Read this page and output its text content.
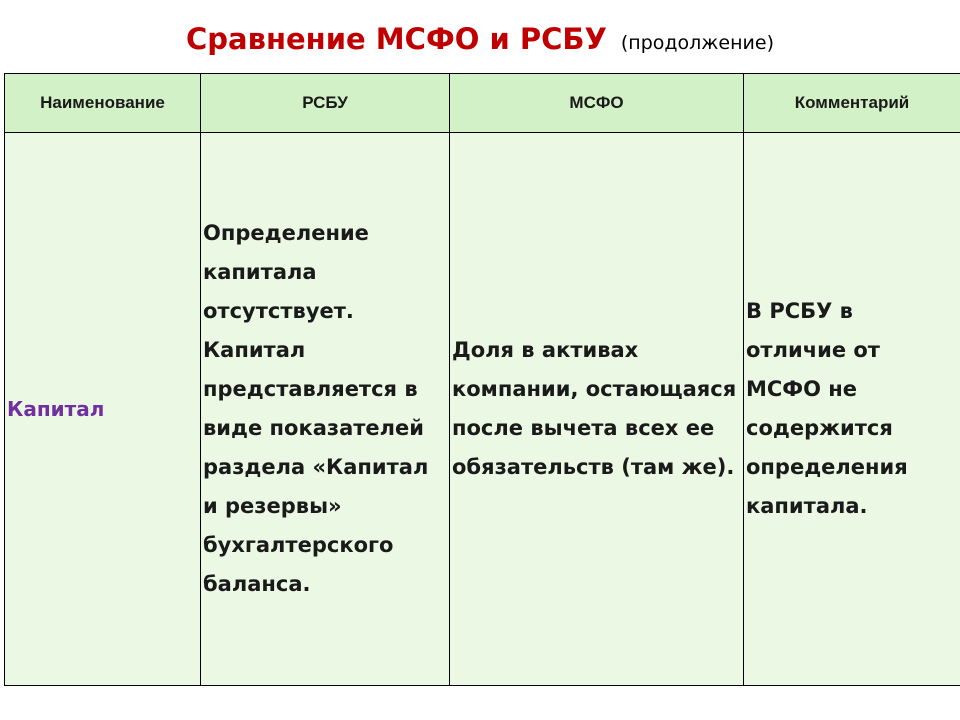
Сравнение МСФО и РСБУ (продолжение)
Наименование	РСБУ	МСФО	Комментарий

Капитал	Определение капитала отсутствует. Капитал представляется в виде показателей раздела «Капитал и резервы» бухгалтерского баланса.	Доля в активах компании, остающаяся после вычета всех ее обязательств (там же).	В РСБУ в отличие от МСФО не содержится определения капитала.
